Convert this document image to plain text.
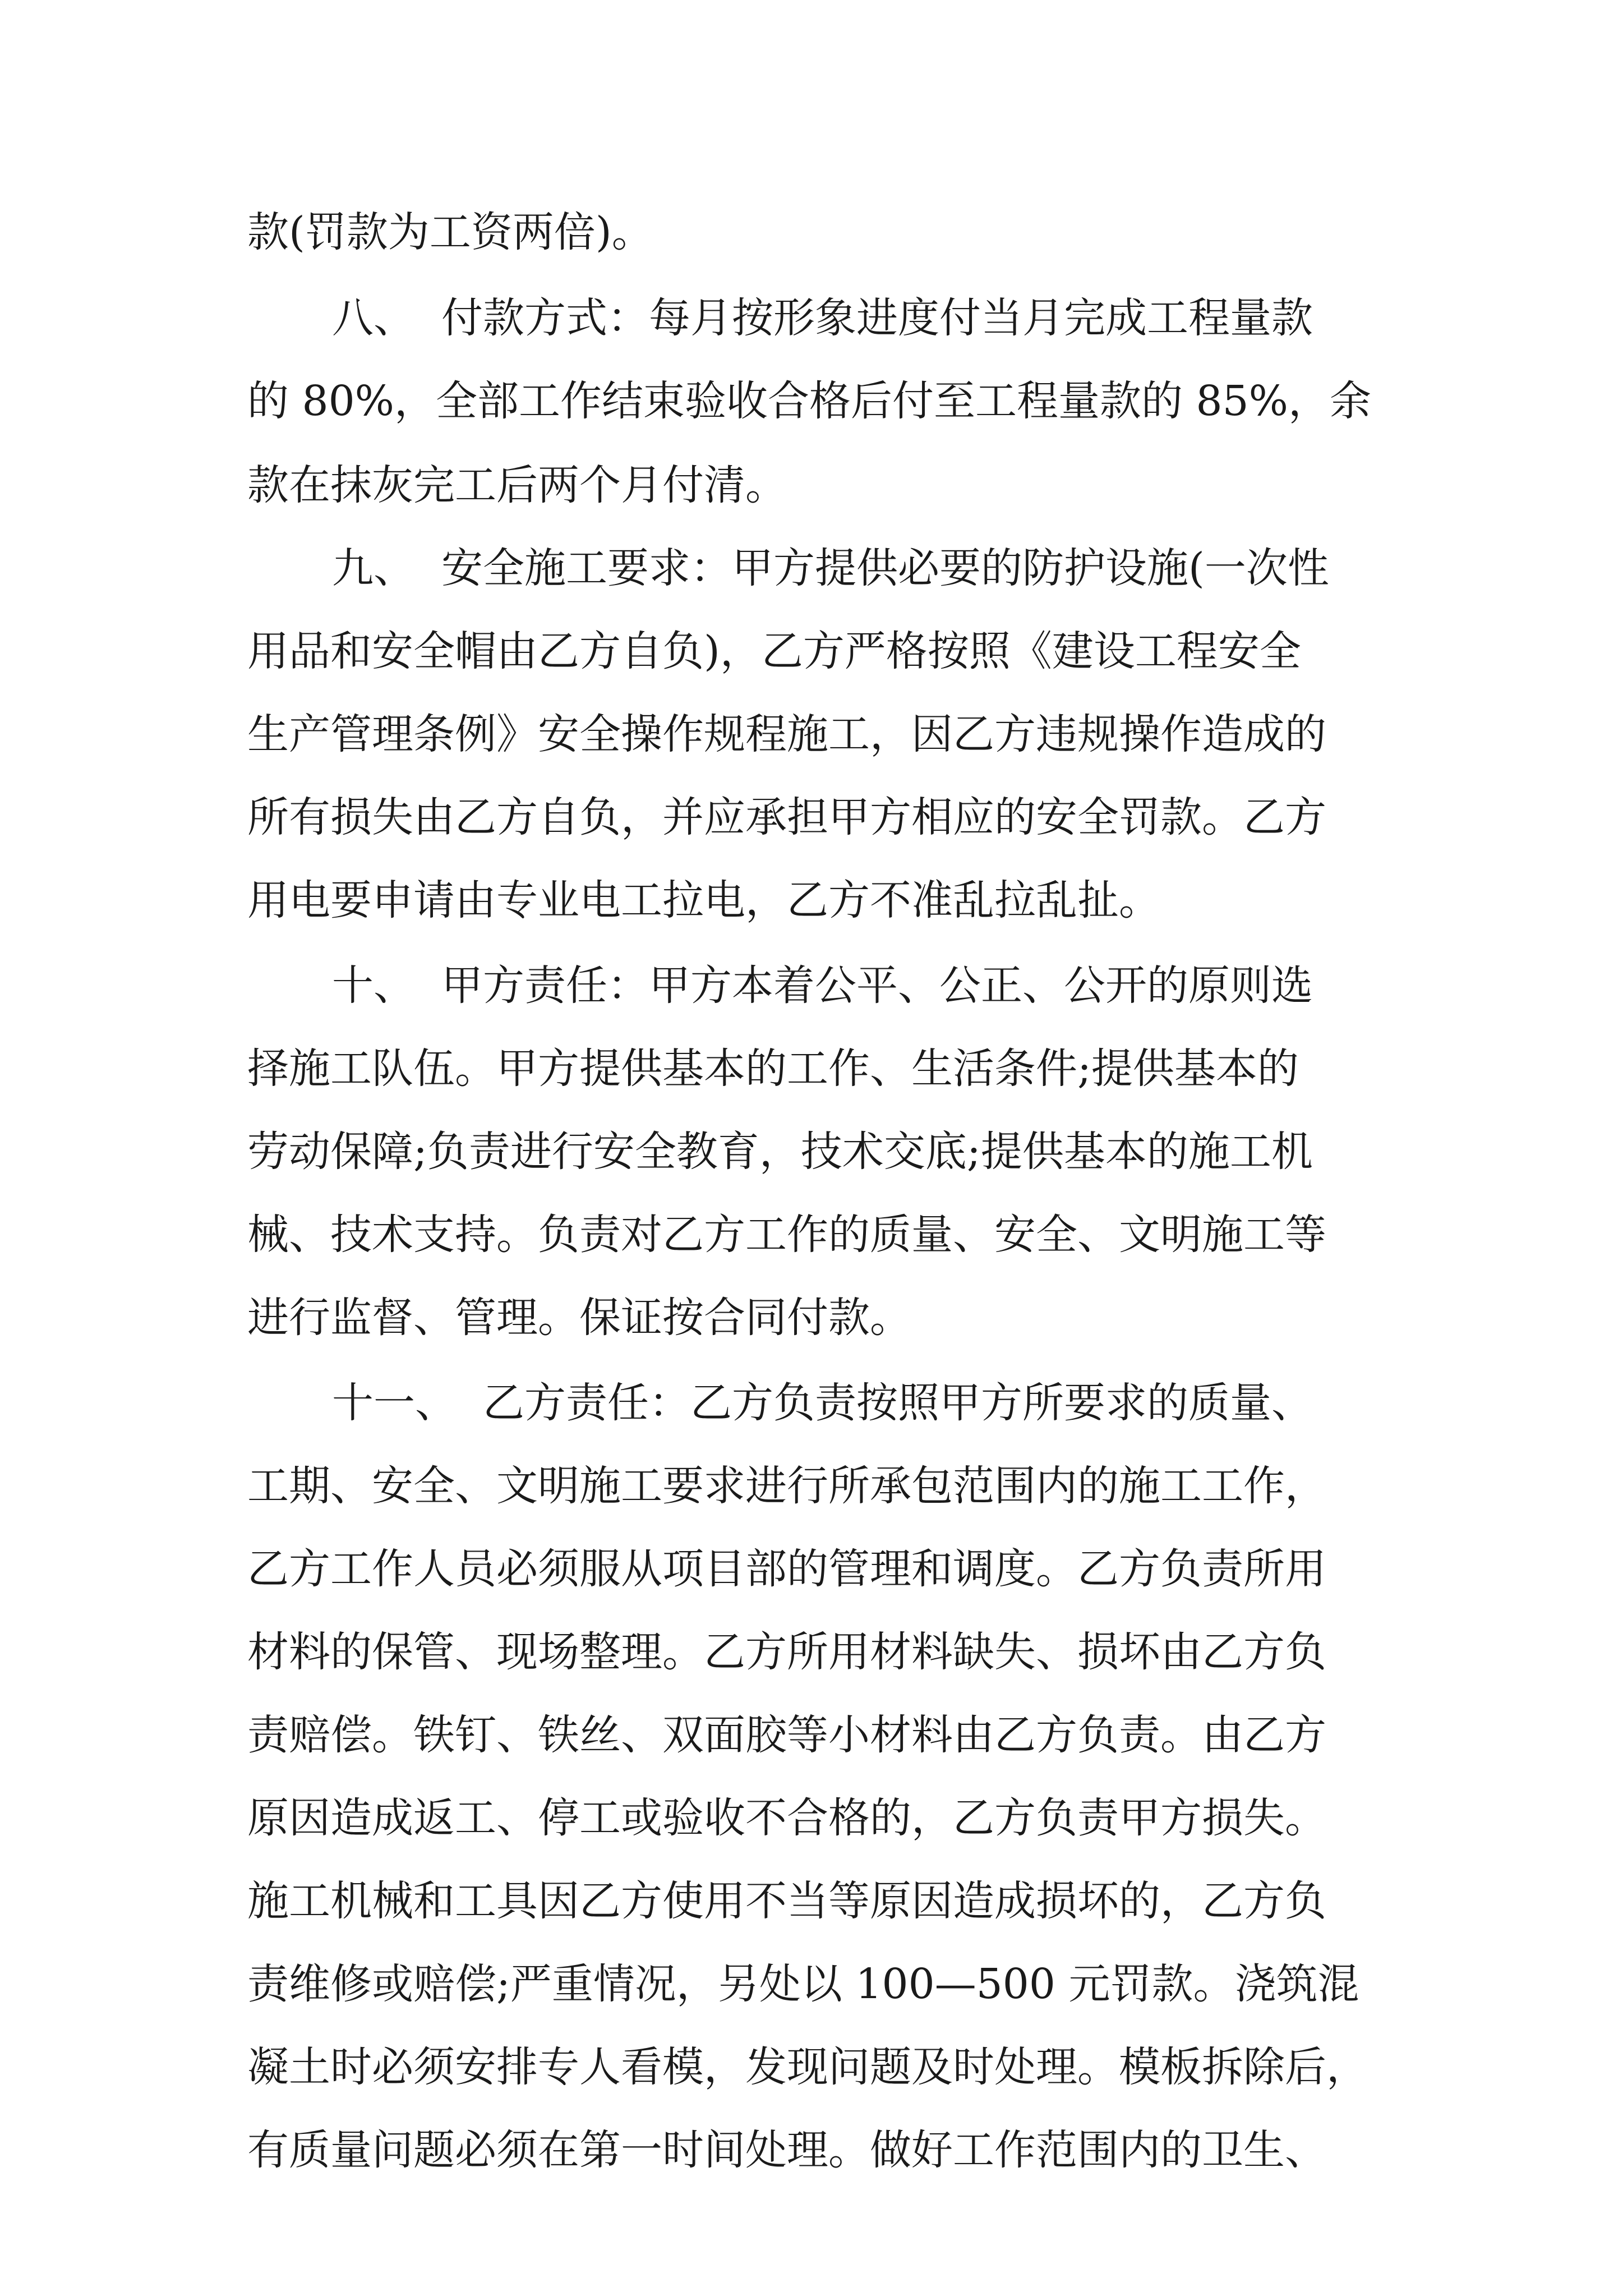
款(罚款为工资两倍)。

八、  付款方式：每月按形象进度付当月完成工程量款

的 80%，全部工作结束验收合格后付至工程量款的 85%，余

款在抹灰完工后两个月付清。

九、  安全施工要求：甲方提供必要的防护设施(一次性

用品和安全帽由乙方自负)，乙方严格按照《建设工程安全

生产管理条例》安全操作规程施工，因乙方违规操作造成的

所有损失由乙方自负，并应承担甲方相应的安全罚款。乙方

用电要申请由专业电工拉电，乙方不准乱拉乱扯。

十、  甲方责任：甲方本着公平、公正、公开的原则选

择施工队伍。甲方提供基本的工作、生活条件;提供基本的

劳动保障;负责进行安全教育，技术交底;提供基本的施工机

械、技术支持。负责对乙方工作的质量、安全、文明施工等

进行监督、管理。保证按合同付款。

十一、  乙方责任：乙方负责按照甲方所要求的质量、

工期、安全、文明施工要求进行所承包范围内的施工工作，

乙方工作人员必须服从项目部的管理和调度。乙方负责所用

材料的保管、现场整理。乙方所用材料缺失、损坏由乙方负

责赔偿。铁钉、铁丝、双面胶等小材料由乙方负责。由乙方

原因造成返工、停工或验收不合格的，乙方负责甲方损失。

施工机械和工具因乙方使用不当等原因造成损坏的，乙方负

责维修或赔偿;严重情况，另处以 100—500 元罚款。浇筑混

凝土时必须安排专人看模，发现问题及时处理。模板拆除后，

有质量问题必须在第一时间处理。做好工作范围内的卫生、
